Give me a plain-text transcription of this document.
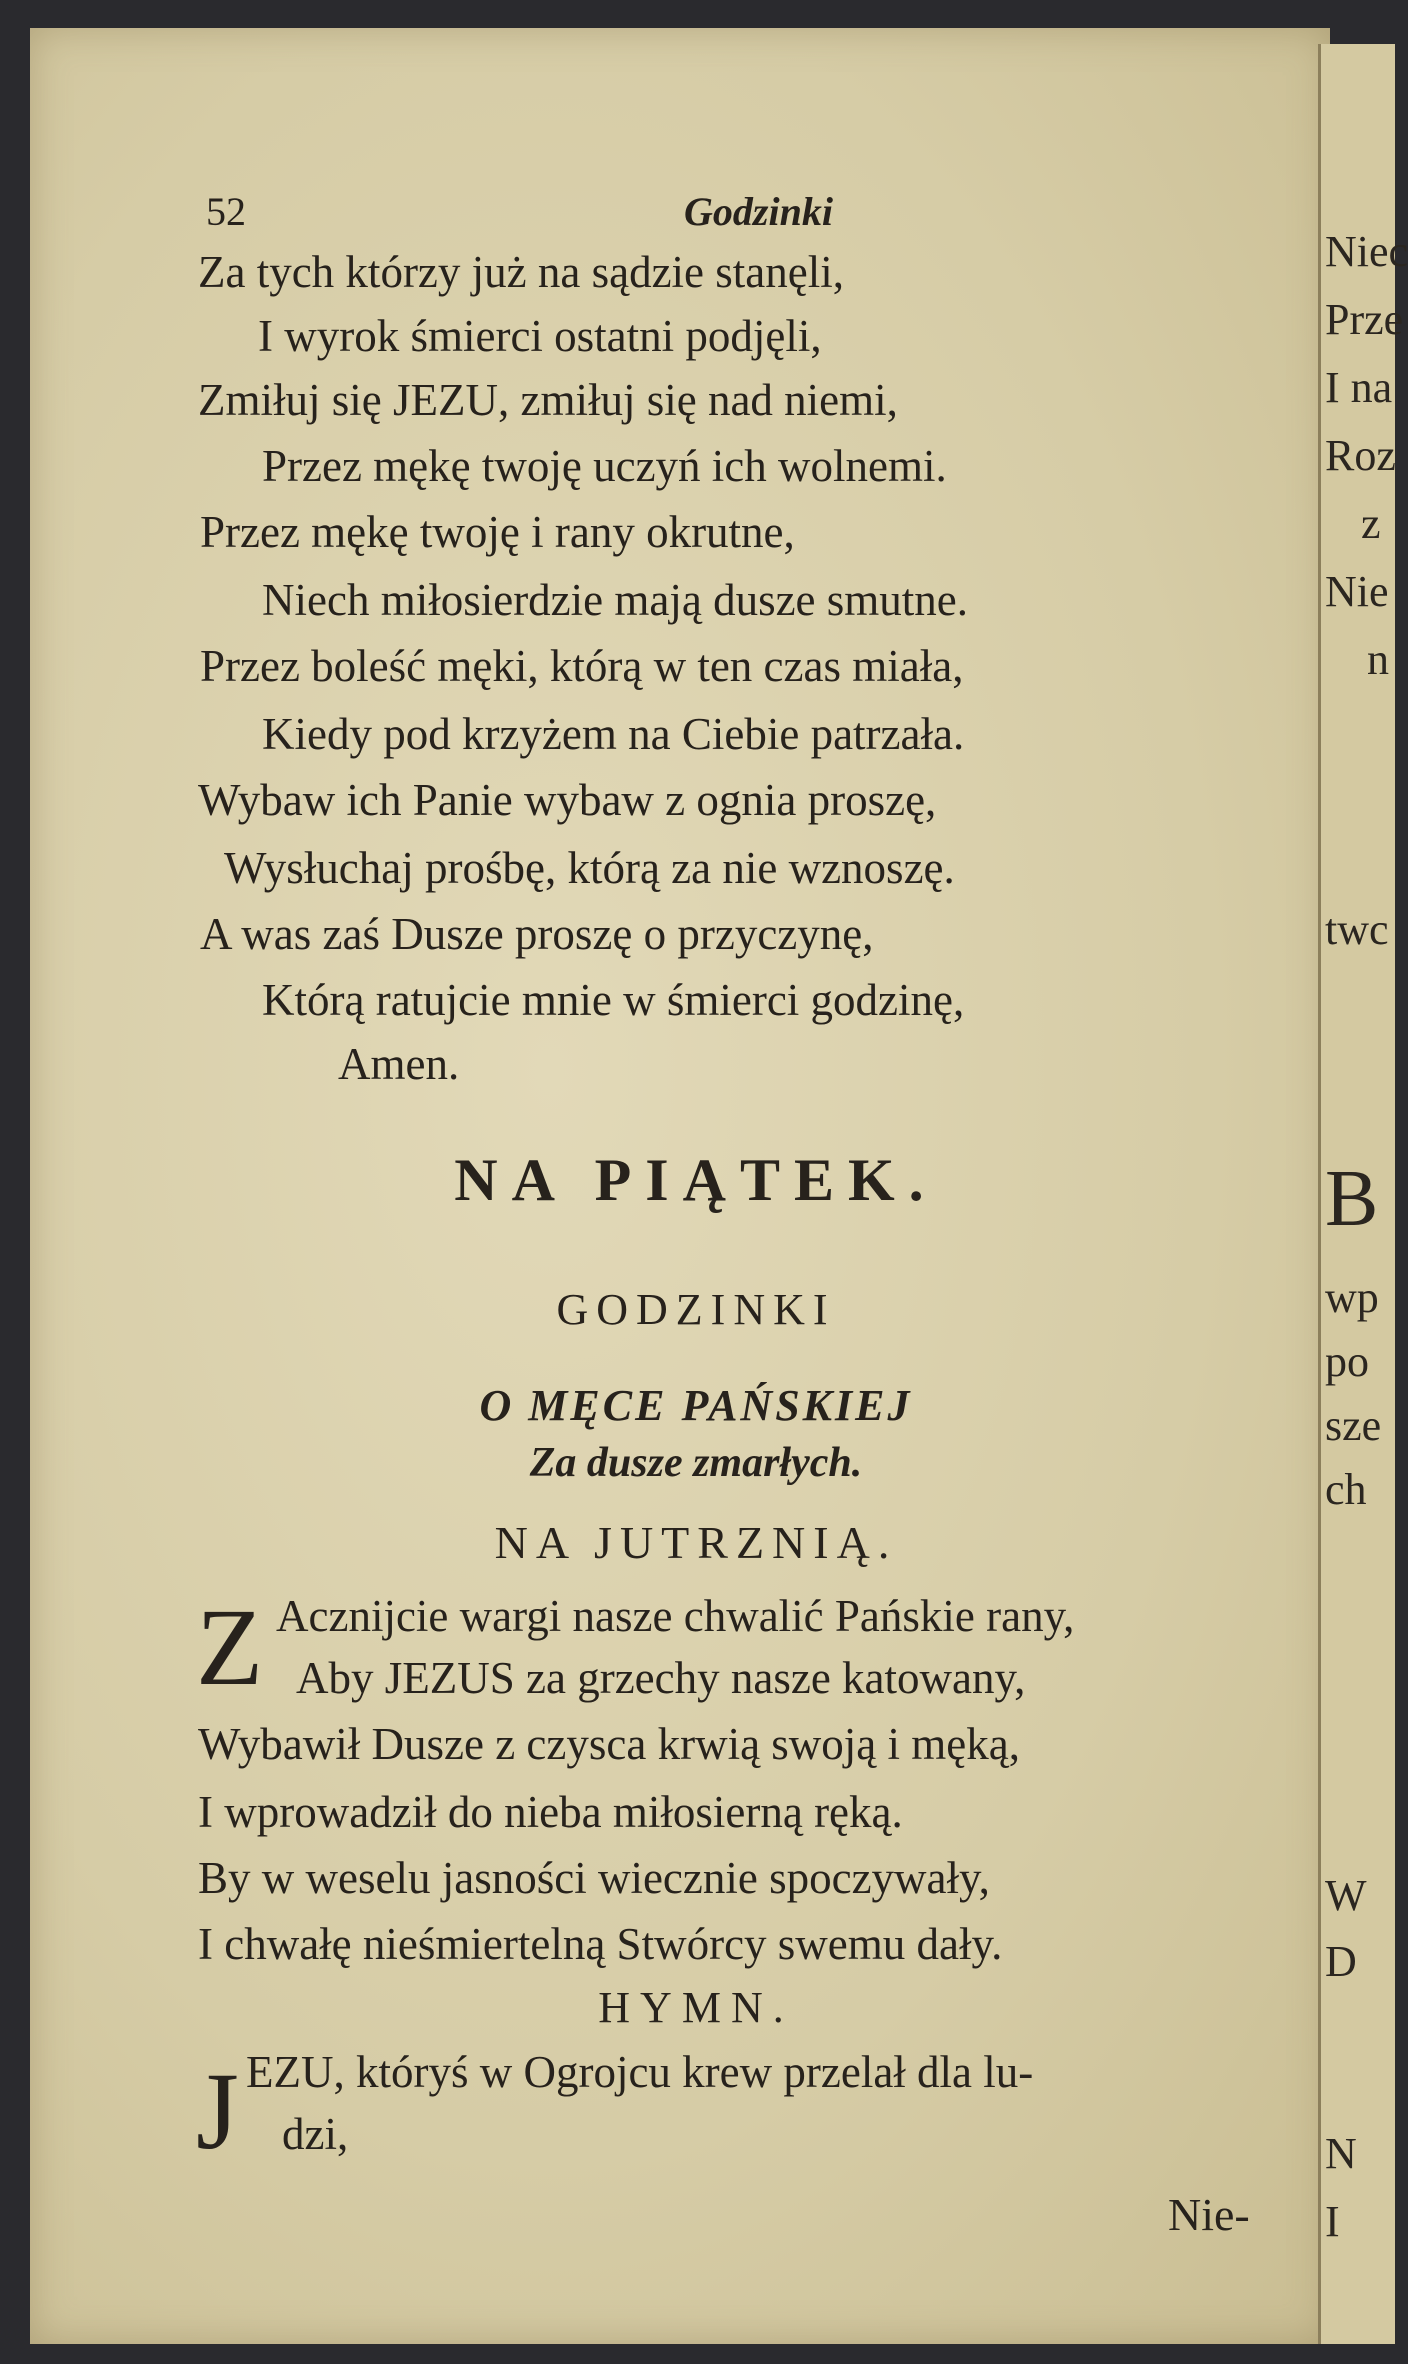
Niec
Prze
I na
Roz
z
Nie
n
twc
B
wp
po
sze
ch
W
D
N
I
52	Godzinki
Za tych którzy już na sądzie stanęli,
I wyrok śmierci ostatni podjęli,
Zmiłuj się JEZU, zmiłuj się nad niemi,
Przez mękę twoję uczyń ich wolnemi.
Przez mękę twoję i rany okrutne,
Niech miłosierdzie mają dusze smutne.
Przez boleść męki, którą w ten czas miała,
Kiedy pod krzyżem na Ciebie patrzała.
Wybaw ich Panie wybaw z ognia proszę,
Wysłuchaj prośbę, którą za nie wznoszę.
A was zaś Dusze proszę o przyczynę,
Którą ratujcie mnie w śmierci godzinę,
Amen.
NA PIĄTEK.
GODZINKI
O MĘCE PAŃSKIEJ
Za dusze zmarłych.
NA JUTRZNIĄ.
Z Acznijcie wargi nasze chwalić Pańskie rany,
Aby JEZUS za grzechy nasze katowany,
Wybawił Dusze z czysca krwią swoją i męką,
I wprowadził do nieba miłosierną ręką.
By w weselu jasności wiecznie spoczywały,
I chwałę nieśmiertelną Stwórcy swemu dały.
HYMN.
J EZU, któryś w Ogrojcu krew przelał dla lu-
dzi,
Nie-
